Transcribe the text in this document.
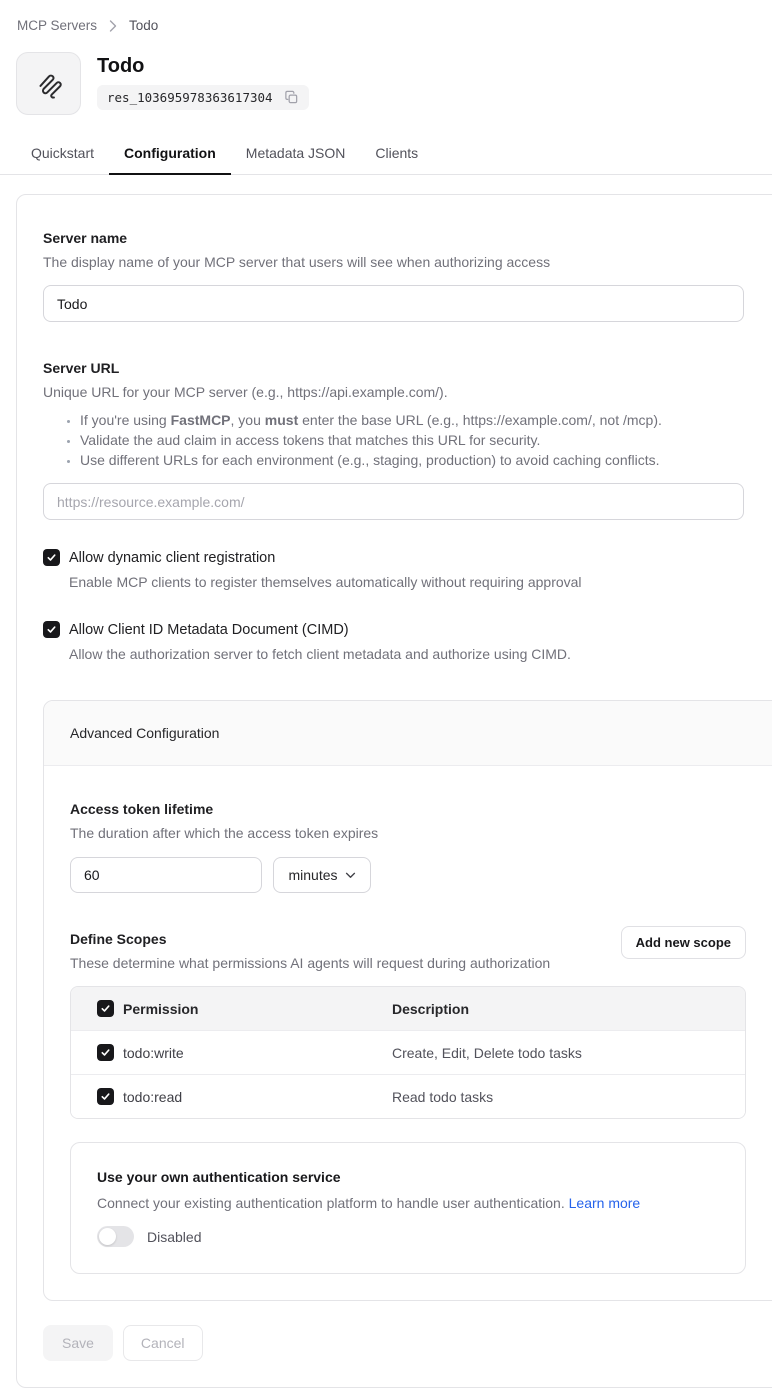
MCP Servers Todo
Todo
res_103695978363617304
Quickstart	Configuration	Metadata JSON	Clients
Server name
The display name of your MCP server that users will see when authorizing access
Todo
Server URL
Unique URL for your MCP server (e.g., https://api.example.com/).
• If you're using FastMCP, you must enter the base URL (e.g., https://example.com/, not /mcp).
• Validate the aud claim in access tokens that matches this URL for security.
• Use different URLs for each environment (e.g., staging, production) to avoid caching conflicts.
https://resource.example.com/
Allow dynamic client registration
Enable MCP clients to register themselves automatically without requiring approval
Allow Client ID Metadata Document (CIMD)
Allow the authorization server to fetch client metadata and authorize using CIMD.
Advanced Configuration
Access token lifetime
The duration after which the access token expires
60
minutes
Define Scopes
These determine what permissions AI agents will request during authorization
Add new scope
Permission	Description
todo:write	Create, Edit, Delete todo tasks
todo:read	Read todo tasks
Use your own authentication service
Connect your existing authentication platform to handle user authentication. Learn more
Disabled
Save	Cancel
